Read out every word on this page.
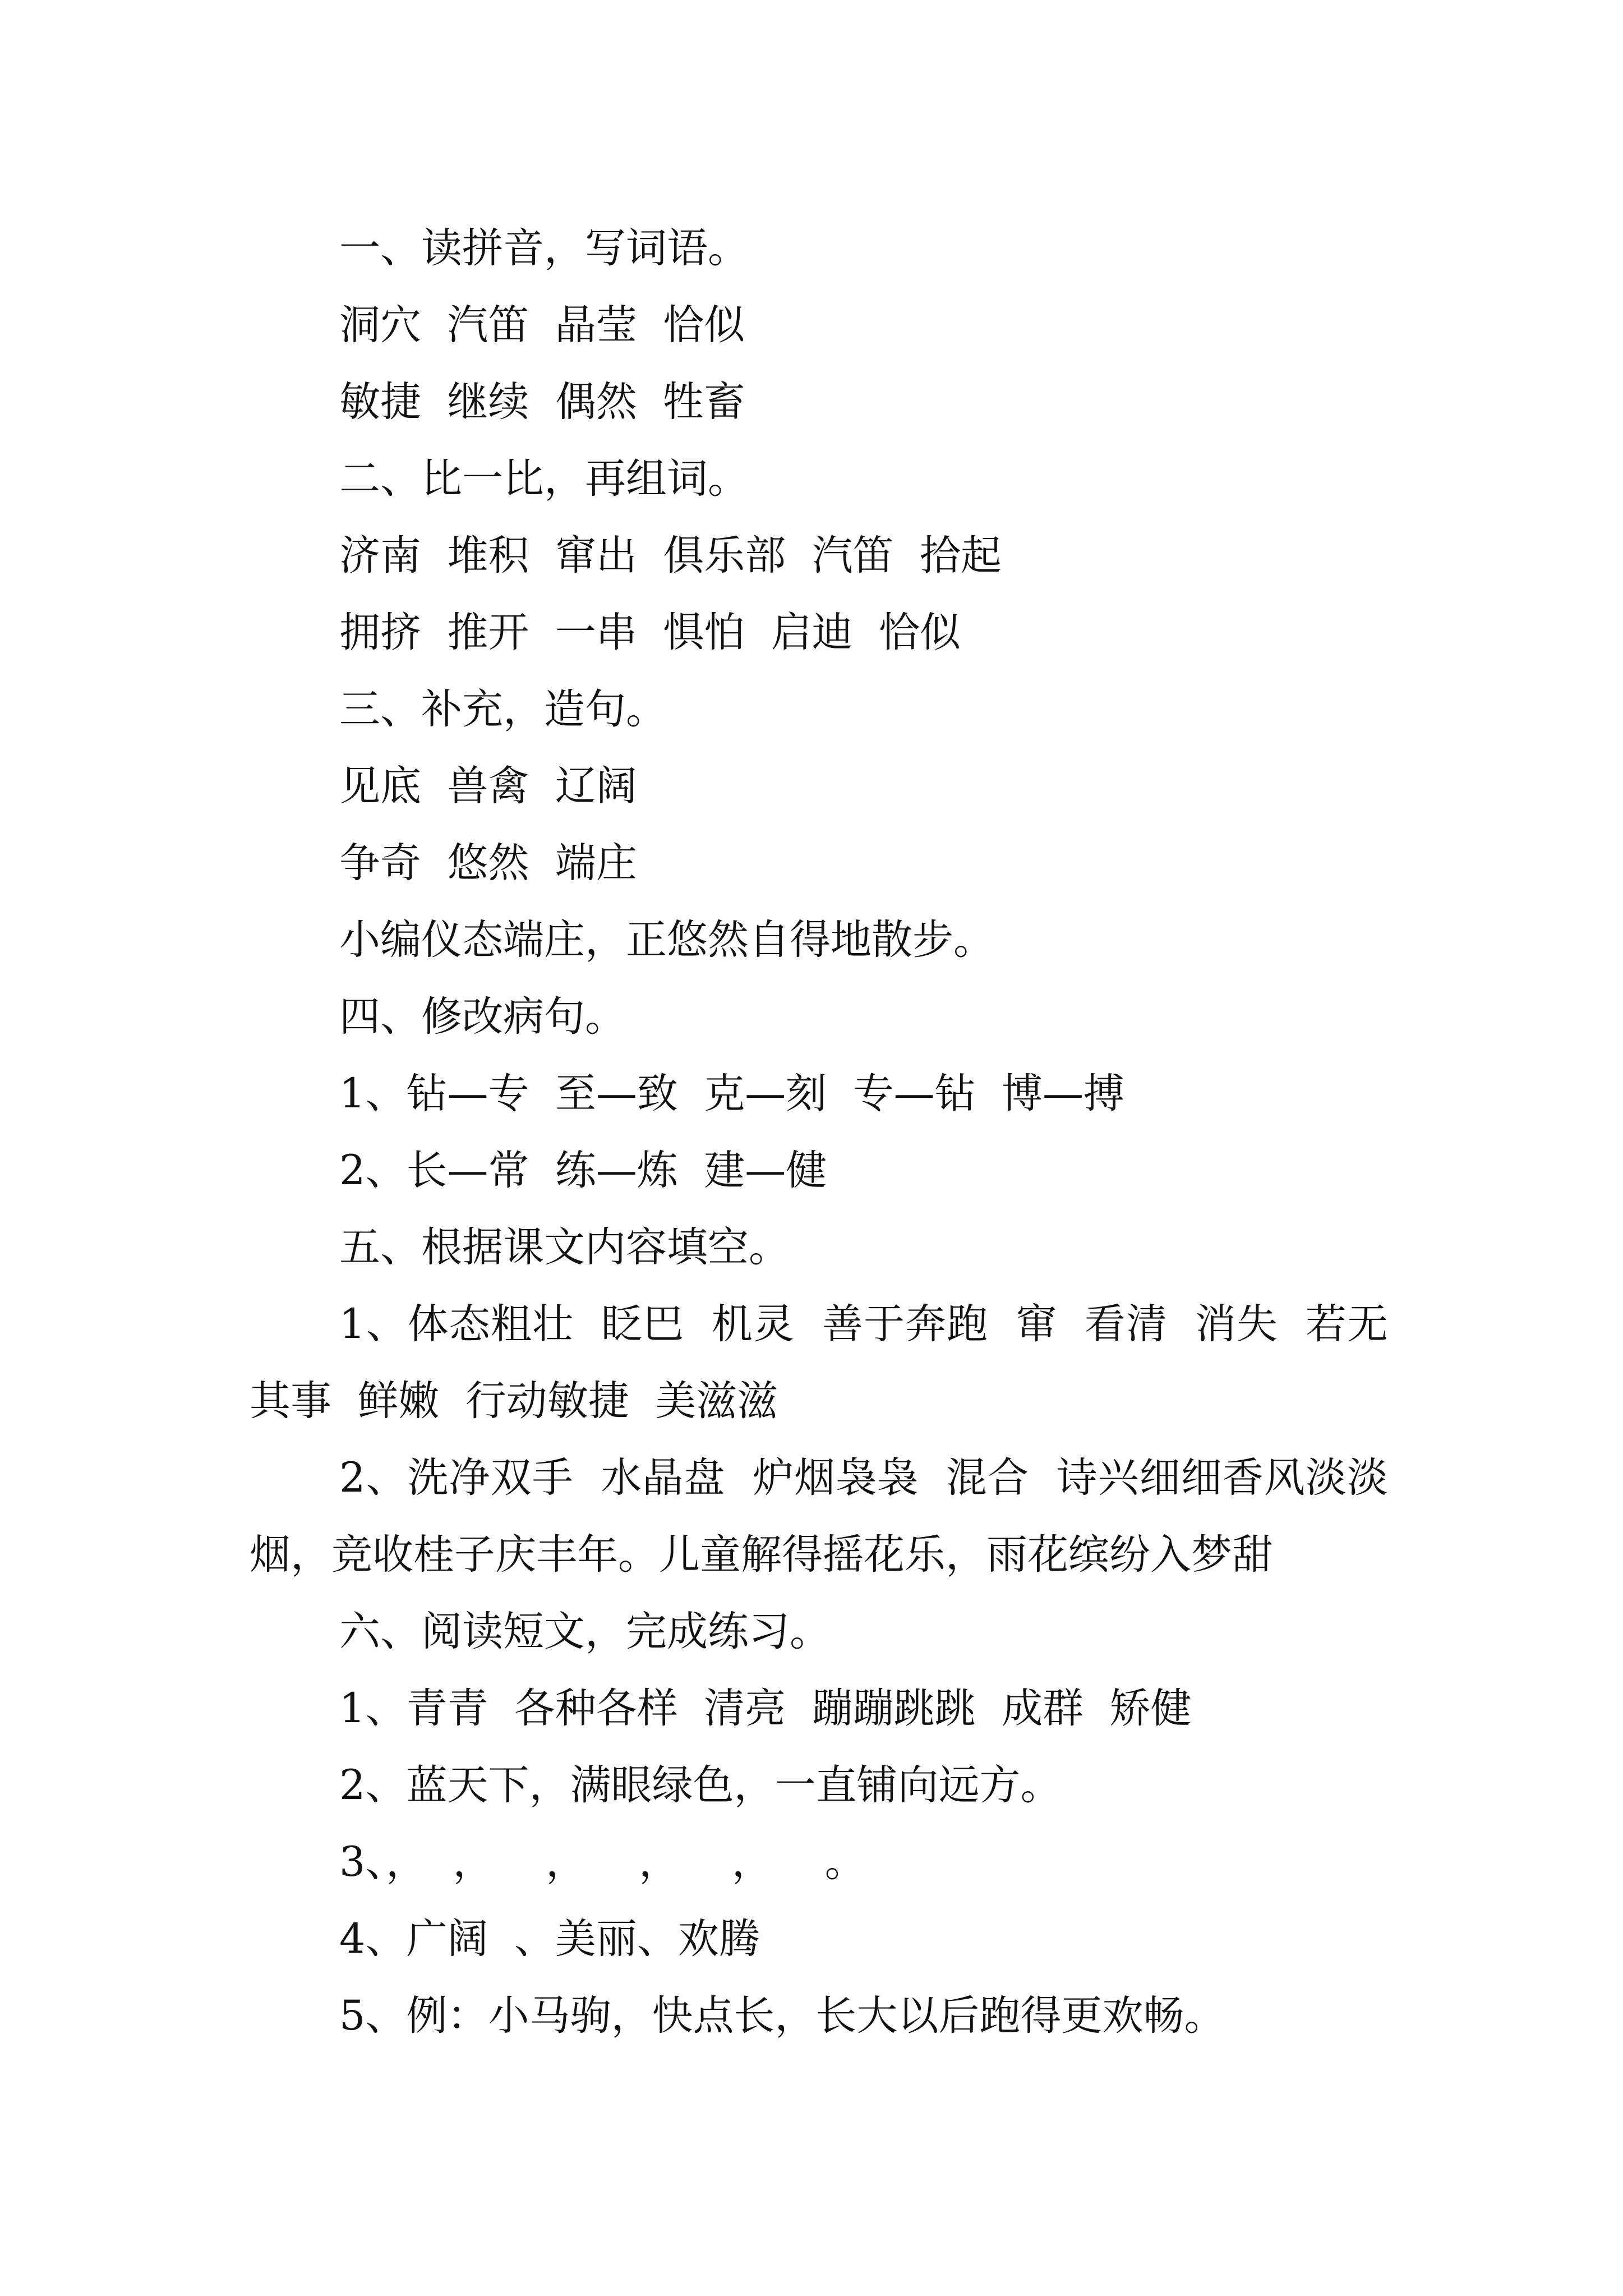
一、读拼音，写词语。
洞穴  汽笛  晶莹  恰似
敏捷  继续  偶然  牲畜
二、比一比，再组词。
济南  堆积  窜出  俱乐部  汽笛  拾起
拥挤  推开  一串  惧怕  启迪  恰似
三、补充，造句。
见底  兽禽  辽阔
争奇  悠然  端庄
小编仪态端庄，正悠然自得地散步。
四、修改病句。
1、钻—专  至—致  克—刻  专—钻  博—搏
2、长—常  练—炼  建—健
五、根据课文内容填空。
1、体态粗壮  眨巴  机灵  善于奔跑  窜  看清  消失  若无其事  鲜嫩  行动敏捷  美滋滋
2、洗净双手  水晶盘  炉烟袅袅  混合  诗兴细细香风淡淡烟，竞收桂子庆丰年。儿童解得摇花乐，雨花缤纷入梦甜
六、阅读短文，完成练习。
1、青青  各种各样  清亮  蹦蹦跳跳  成群  矫健
2、蓝天下，满眼绿色，一直铺向远方。
3、，  ，    ，    ，    ，    。
4、广阔  、美丽、欢腾
5、例：小马驹，快点长，长大以后跑得更欢畅。
